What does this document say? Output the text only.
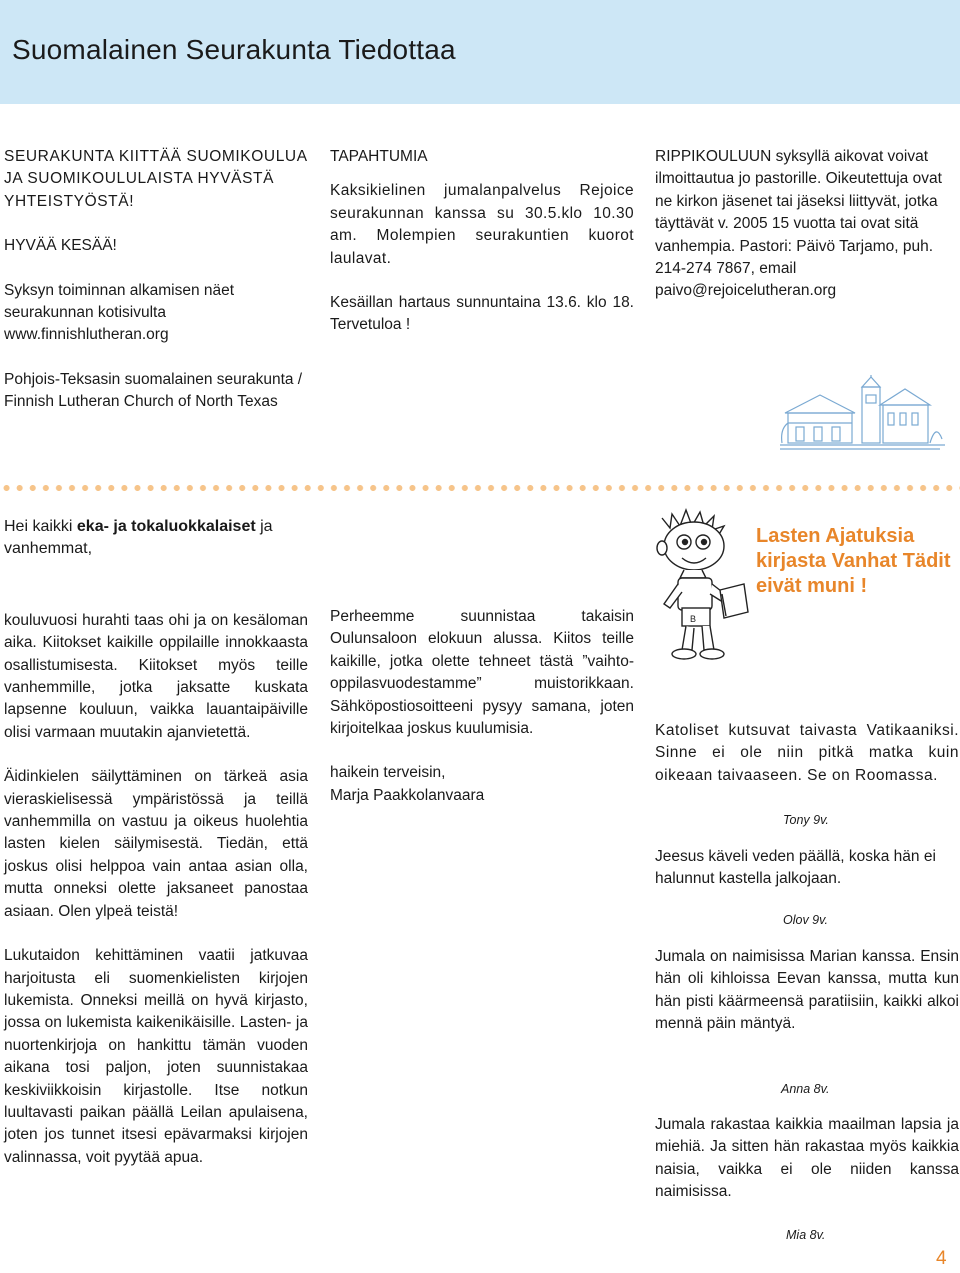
Suomalainen Seurakunta Tiedottaa

SEURAKUNTA KIITTÄÄ SUOMIKOULUA JA SUOMIKOULULAISTA HYVÄSTÄ YHTEISTYÖSTÄ!

HYVÄÄ KESÄÄ!

Syksyn toiminnan alkamisen näet seurakunnan kotisivulta www.finnishlutheran.org

Pohjois-Teksasin suomalainen seurakunta / Finnish Lutheran Church of North Texas

TAPAHTUMIA

Kaksikielinen jumalanpalvelus Rejoice seurakunnan kanssa su 30.5.klo 10.30 am. Molempien seurakuntien kuorot laulavat.

Kesäillan hartaus sunnuntaina 13.6. klo 18. Tervetuloa !

RIPPIKOULUUN syksyllä aikovat voivat ilmoittautua jo pastorille. Oikeutettuja ovat ne kirkon jäsenet tai jäseksi liittyvät, jotka täyttävät v. 2005 15 vuotta tai ovat sitä vanhempia. Pastori: Päivö Tarjamo, puh. 214-274 7867, email paivo@rejoicelutheran.org

Hei kaikki eka- ja tokaluokkalaiset ja vanhemmat,

kouluvuosi hurahti taas ohi ja on kesäloman aika. Kiitokset kaikille oppilaille innokkaasta osallistumisesta. Kiitokset myös teille vanhemmille, jotka jaksatte kuskata lapsenne kouluun, vaikka lauantaipäiville olisi varmaan muutakin ajanvietettä.

Äidinkielen säilyttäminen on tärkeä asia vieraskielisessä ympäristössä ja teillä vanhemmilla on vastuu ja oikeus huolehtia lasten kielen säilymisestä. Tiedän, että joskus olisi helppoa vain antaa asian olla, mutta onneksi olette jaksaneet panostaa asiaan. Olen ylpeä teistä!

Lukutaidon kehittäminen vaatii jatkuvaa harjoitusta eli suomenkielisten kirjojen lukemista. Onneksi meillä on hyvä kirjasto, jossa on lukemista kaikenikäisille. Lasten- ja nuortenkirjoja on hankittu tämän vuoden aikana tosi paljon, joten suunnistakaa keskiviikkoisin kirjastolle. Itse notkun luultavasti paikan päällä Leilan apulaisena, joten jos tunnet itsesi epävarmaksi kirjojen valinnassa, voit pyytää apua.

Perheemme suunnistaa takaisin Oulunsaloon elokuun alussa. Kiitos teille kaikille, jotka olette tehneet tästä ”vaihto-oppilasvuodestamme” muistorikkaan. Sähköpostiosoitteeni pysyy samana, joten kirjoitelkaa joskus kuulumisia.

haikein terveisin,

Marja Paakkolanvaara

B
Lasten Ajatuksia kirjasta Vanhat Tädit eivät muni !

Katoliset kutsuvat taivasta Vatikaaniksi. Sinne ei ole niin pitkä matka kuin oikeaan taivaaseen. Se on Roomassa.

Tony 9v.

Jeesus käveli veden päällä, koska hän ei halunnut kastella jalkojaan.

Olov 9v.

Jumala on naimisissa Marian kanssa. Ensin hän oli kihloissa Eevan kanssa, mutta kun hän pisti käärmeensä paratiisiin, kaikki alkoi mennä päin mäntyä.

Anna 8v.

Jumala rakastaa kaikkia maailman lapsia ja miehiä. Ja sitten hän rakastaa myös kaikkia naisia, vaikka ei ole niiden kanssa naimisissa.

Mia 8v.
4
